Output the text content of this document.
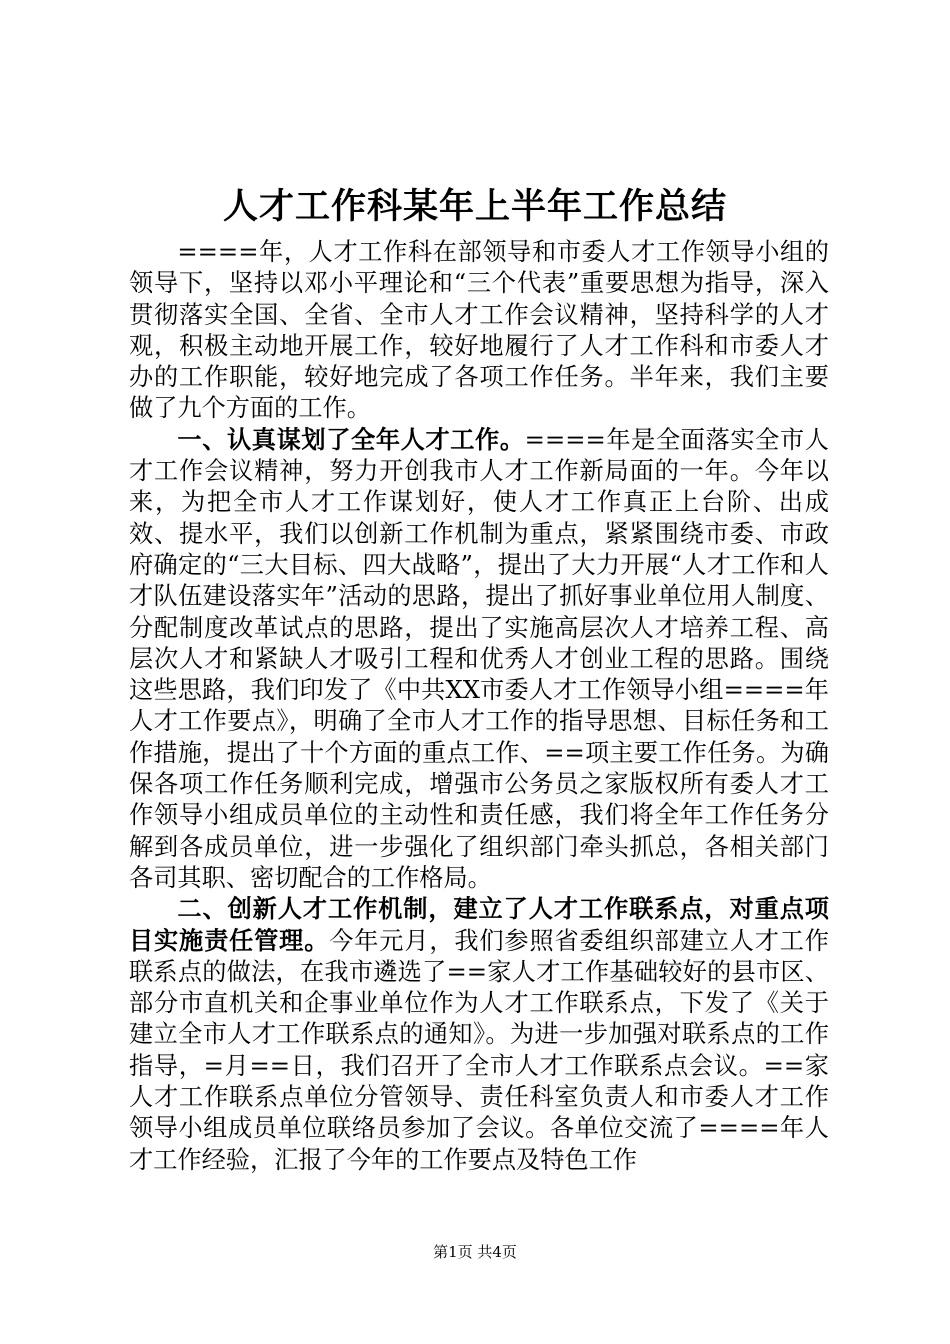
人才工作科某年上半年工作总结

====年，人才工作科在部领导和市委人才工作领导小组的领导下，坚持以邓小平理论和“三个代表”重要思想为指导，深入贯彻落实全国、全省、全市人才工作会议精神，坚持科学的人才观，积极主动地开展工作，较好地履行了人才工作科和市委人才办的工作职能，较好地完成了各项工作任务。半年来，我们主要做了九个方面的工作。

一、认真谋划了全年人才工作。====年是全面落实全市人才工作会议精神，努力开创我市人才工作新局面的一年。今年以来，为把全市人才工作谋划好，使人才工作真正上台阶、出成效、提水平，我们以创新工作机制为重点，紧紧围绕市委、市政府确定的“三大目标、四大战略”，提出了大力开展“人才工作和人才队伍建设落实年”活动的思路，提出了抓好事业单位用人制度、分配制度改革试点的思路，提出了实施高层次人才培养工程、高层次人才和紧缺人才吸引工程和优秀人才创业工程的思路。围绕这些思路，我们印发了《中共XX市委人才工作领导小组====年人才工作要点》，明确了全市人才工作的指导思想、目标任务和工作措施，提出了十个方面的重点工作、==项主要工作任务。为确保各项工作任务顺利完成，增强市公务员之家版权所有委人才工作领导小组成员单位的主动性和责任感，我们将全年工作任务分解到各成员单位，进一步强化了组织部门牵头抓总，各相关部门各司其职、密切配合的工作格局。

二、创新人才工作机制，建立了人才工作联系点，对重点项目实施责任管理。今年元月，我们参照省委组织部建立人才工作联系点的做法，在我市遴选了==家人才工作基础较好的县市区、部分市直机关和企事业单位作为人才工作联系点，下发了《关于建立全市人才工作联系点的通知》。为进一步加强对联系点的工作指导，=月==日，我们召开了全市人才工作联系点会议。==家人才工作联系点单位分管领导、责任科室负责人和市委人才工作领导小组成员单位联络员参加了会议。各单位交流了====年人才工作经验，汇报了今年的工作要点及特色工作

第1页 共4页
